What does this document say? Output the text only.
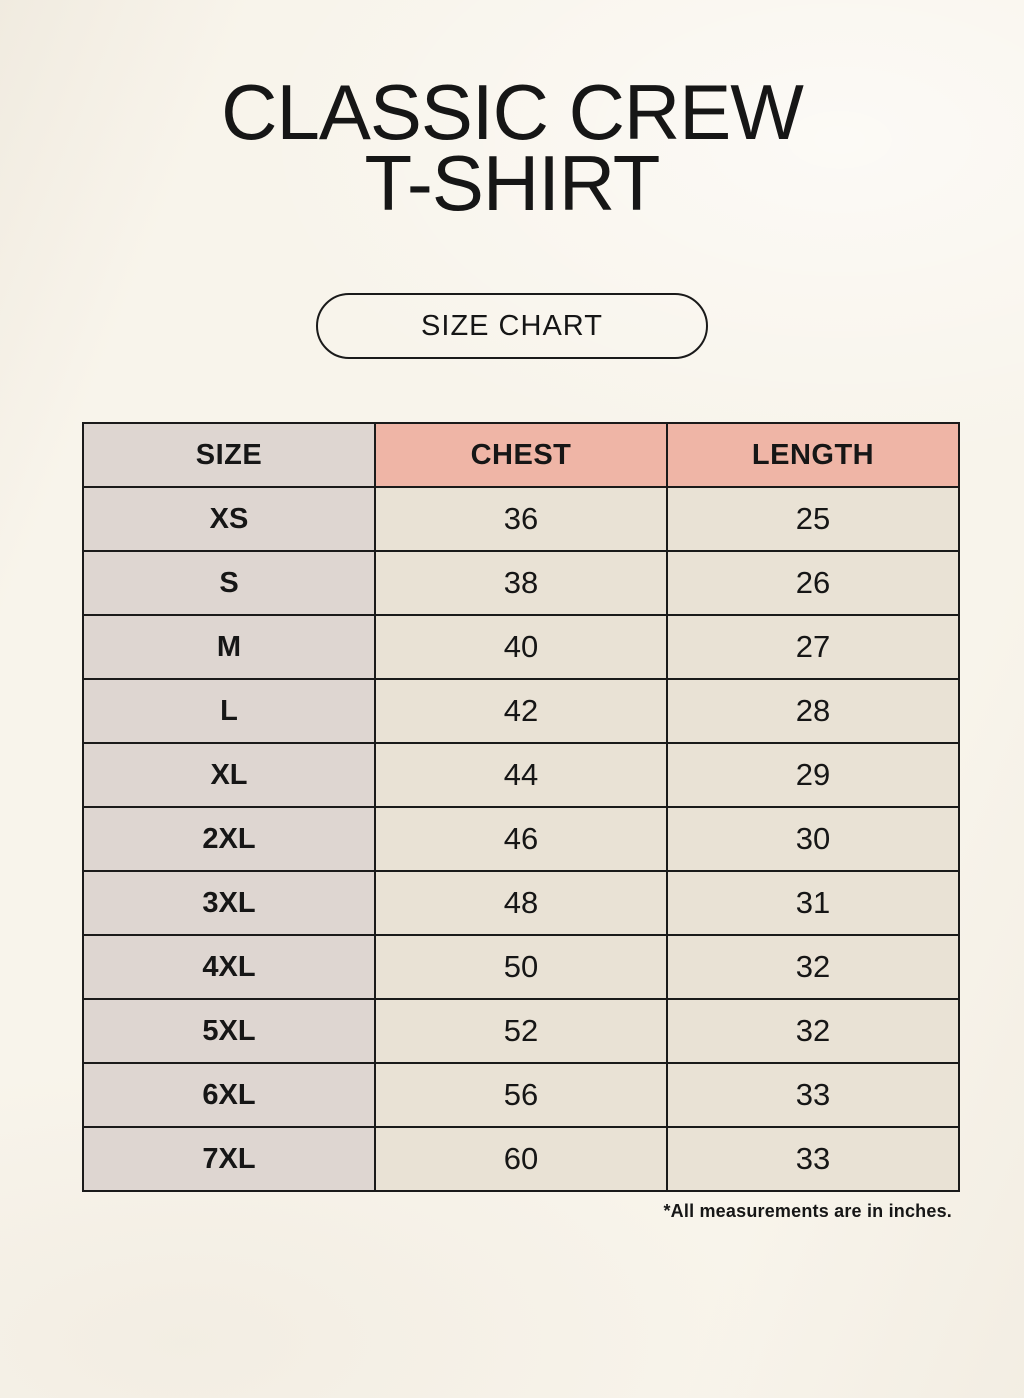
CLASSIC CREW
T-SHIRT
SIZE CHART
SIZE	CHEST	LENGTH
XS	36	25
S	38	26
M	40	27
L	42	28
XL	44	29
2XL	46	30
3XL	48	31
4XL	50	32
5XL	52	32
6XL	56	33
7XL	60	33
*All measurements are in inches.
